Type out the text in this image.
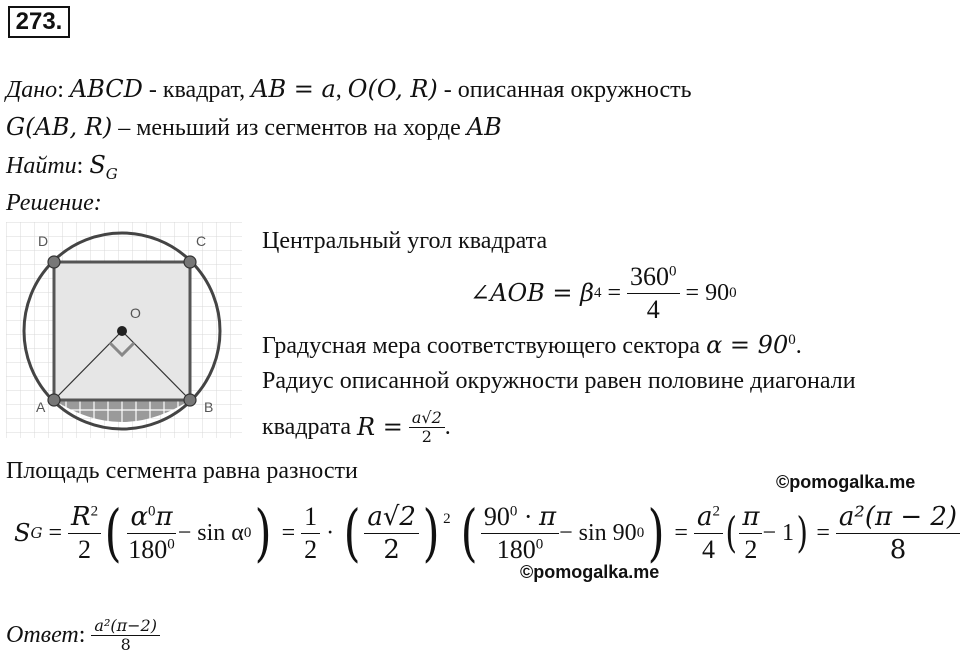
273.
Дано: ABCD - квадрат, AB = a, O(O, R) - описанная окружность
G(AB, R) – меньший из сегментов на хорде AB
Найти: $S_G$
Решение:
D	C
A	B
O
Центральный угол квадрата
∠AOB = β $4 = \frac{360^0}{4} = 90$ 0
Градусная мера соответствующего сектора $\alpha = 90^0$.
Радиус описанной окружности равен половине диагонали
квадрата
R =
$\frac{a√2}{2}$ .
Площадь сегмента равна разности	©pomogalka.me
S $G = \frac{R^2}{2}$ ( $\frac{\alpha^0\pi}{180^0} - \sin \alpha$ 0 ) = $\frac{1}{2}$ · ( $\frac{a√2}{2} )^2$
( $\frac{90^0 \cdot \pi}{180^0} - \sin 90$ 0 ) = $\frac{a^2}{4}$ ( $\frac{\pi}{2} - 1$ ) = $\frac{\text{a²(π − 2)}}{8}$
©pomogalka.me
Ответ : $\frac{\text{a²(π−2)}}{8}$
